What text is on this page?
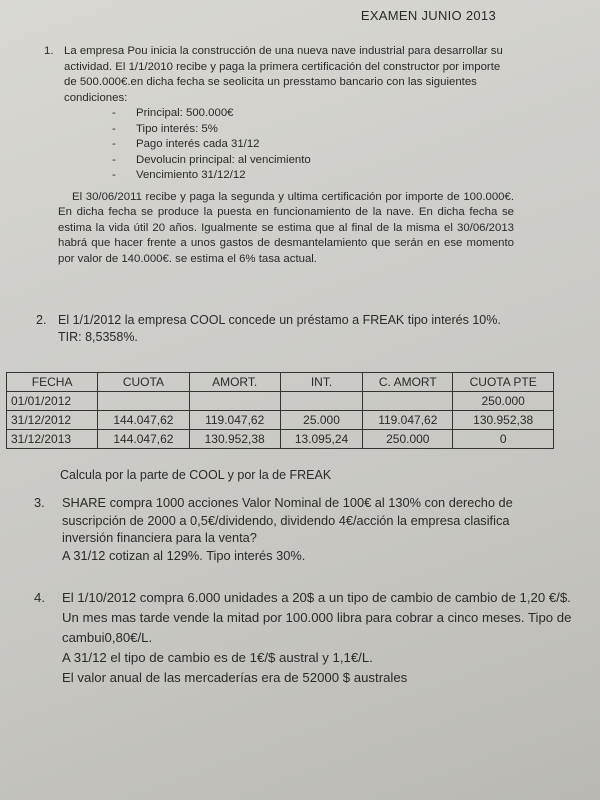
EXAMEN JUNIO 2013
1. La empresa Pou inicia la construcción de una nueva nave industrial para desarrollar su actividad. El 1/1/2010 recibe y paga la primera certificación del constructor por importe de 500.000€.en dicha fecha se seolicita un presstamo bancario con las siguientes condiciones:
- Principal: 500.000€
- Tipo interés: 5%
- Pago interés cada 31/12
- Devolucin principal: al vencimiento
- Vencimiento 31/12/12
El 30/06/2011 recibe y paga la segunda y ultima certificación por importe de 100.000€. En dicha fecha se produce la puesta en funcionamiento de la nave. En dicha fecha se estima la vida útil 20 años. Igualmente se estima que al final de la misma el 30/06/2013 habrá que hacer frente a unos gastos de desmantelamiento que serán en ese momento por valor de 140.000€. se estima el 6% tasa actual.
2. El 1/1/2012 la empresa COOL concede un préstamo a FREAK tipo interés 10%.
TIR: 8,5358%.
FECHA	CUOTA	AMORT.	INT.	C. AMORT	CUOTA PTE
01/01/2012					250.000
31/12/2012	144.047,62	119.047,62	25.000	119.047,62	130.952,38
31/12/2013	144.047,62	130.952,38	13.095,24	250.000	0
Calcula por la parte de COOL y por la de FREAK
3. SHARE compra 1000 acciones Valor Nominal de 100€ al 130% con derecho de suscripción de 2000 a 0,5€/dividendo, dividendo 4€/acción la empresa clasifica inversión financiera para la venta?
A 31/12 cotizan al 129%. Tipo interés 30%.
4. El 1/10/2012 compra 6.000 unidades a 20$ a un tipo de cambio de cambio de 1,20 €/$. Un mes mas tarde vende la mitad por 100.000 libra para cobrar a cinco meses. Tipo de cambui0,80€/L.
A 31/12 el tipo de cambio es de 1€/$ austral y 1,1€/L.
El valor anual de las mercaderías era de 52000 $ australes
